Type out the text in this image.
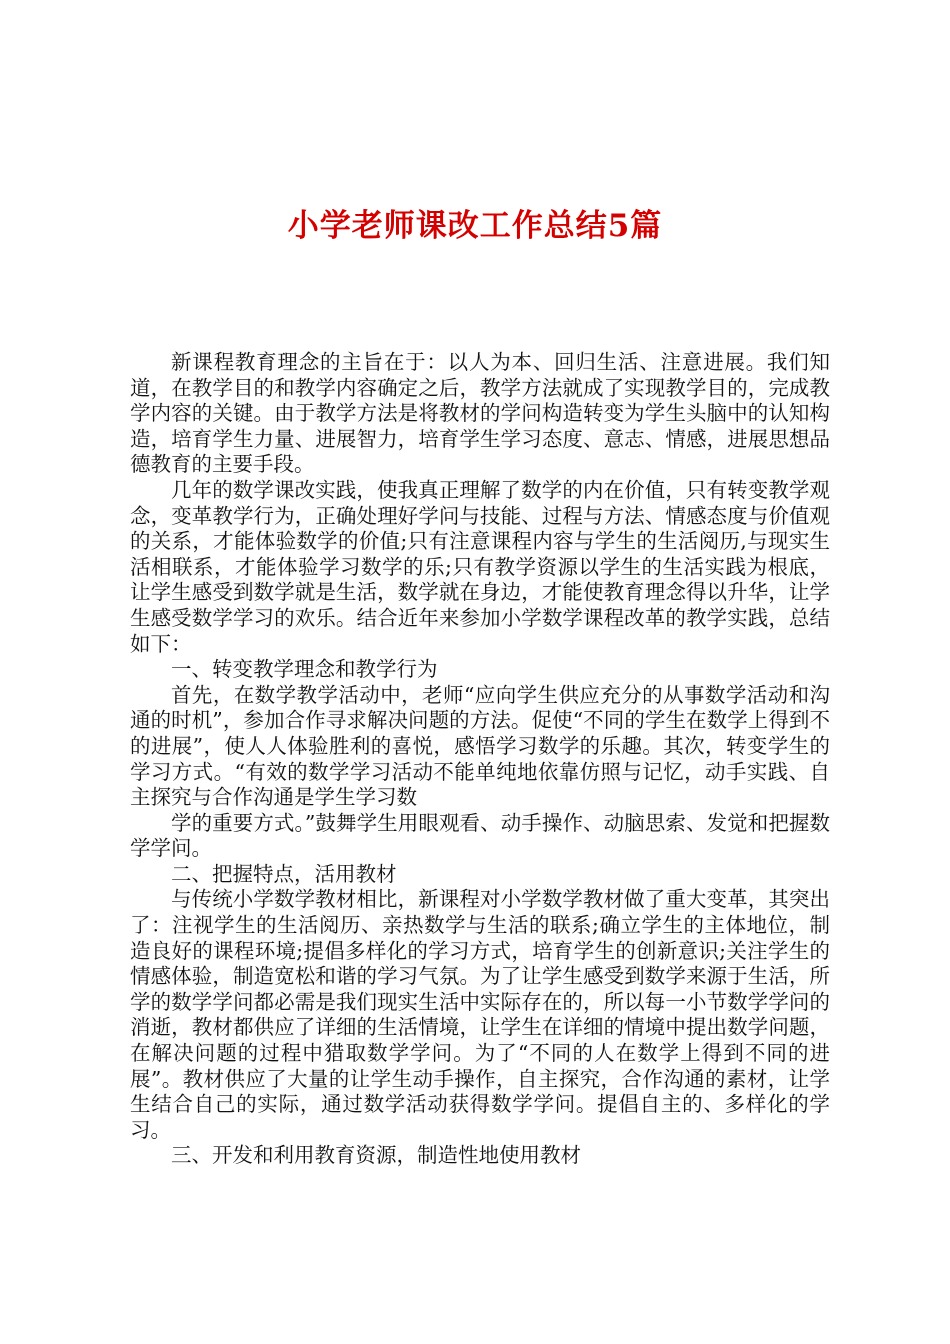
小学老师课改工作总结5篇

新课程教育理念的主旨在于：以人为本、回归生活、注意进展。我们知道，在教学目的和教学内容确定之后，教学方法就成了实现教学目的，完成教学内容的关键。由于教学方法是将教材的学问构造转变为学生头脑中的认知构造，培育学生力量、进展智力，培育学生学习态度、意志、情感，进展思想品德教育的主要手段。

几年的数学课改实践，使我真正理解了数学的内在价值，只有转变教学观念，变革教学行为，正确处理好学问与技能、过程与方法、情感态度与价值观的关系，才能体验数学的价值;只有注意课程内容与学生的生活阅历,与现实生活相联系，才能体验学习数学的乐;只有教学资源以学生的生活实践为根底，让学生感受到数学就是生活，数学就在身边，才能使教育理念得以升华，让学生感受数学学习的欢乐。结合近年来参加小学数学课程改革的教学实践，总结如下：

一、转变教学理念和教学行为

首先，在数学教学活动中，老师“应向学生供应充分的从事数学活动和沟通的时机”，参加合作寻求解决问题的方法。促使“不同的学生在数学上得到不的进展”，使人人体验胜利的喜悦，感悟学习数学的乐趣。其次，转变学生的学习方式。“有效的数学学习活动不能单纯地依靠仿照与记忆，动手实践、自主探究与合作沟通是学生学习数

学的重要方式。”鼓舞学生用眼观看、动手操作、动脑思索、发觉和把握数学学问。

二、把握特点，活用教材

与传统小学数学教材相比，新课程对小学数学教材做了重大变革，其突出了：注视学生的生活阅历、亲热数学与生活的联系;确立学生的主体地位，制造良好的课程环境;提倡多样化的学习方式，培育学生的创新意识;关注学生的情感体验，制造宽松和谐的学习气氛。为了让学生感受到数学来源于生活，所学的数学学问都必需是我们现实生活中实际存在的，所以每一小节数学学问的消逝，教材都供应了详细的生活情境，让学生在详细的情境中提出数学问题，在解决问题的过程中猎取数学学问。为了“不同的人在数学上得到不同的进展”。教材供应了大量的让学生动手操作，自主探究，合作沟通的素材，让学生结合自己的实际，通过数学活动获得数学学问。提倡自主的、多样化的学习。

三、开发和利用教育资源，制造性地使用教材
